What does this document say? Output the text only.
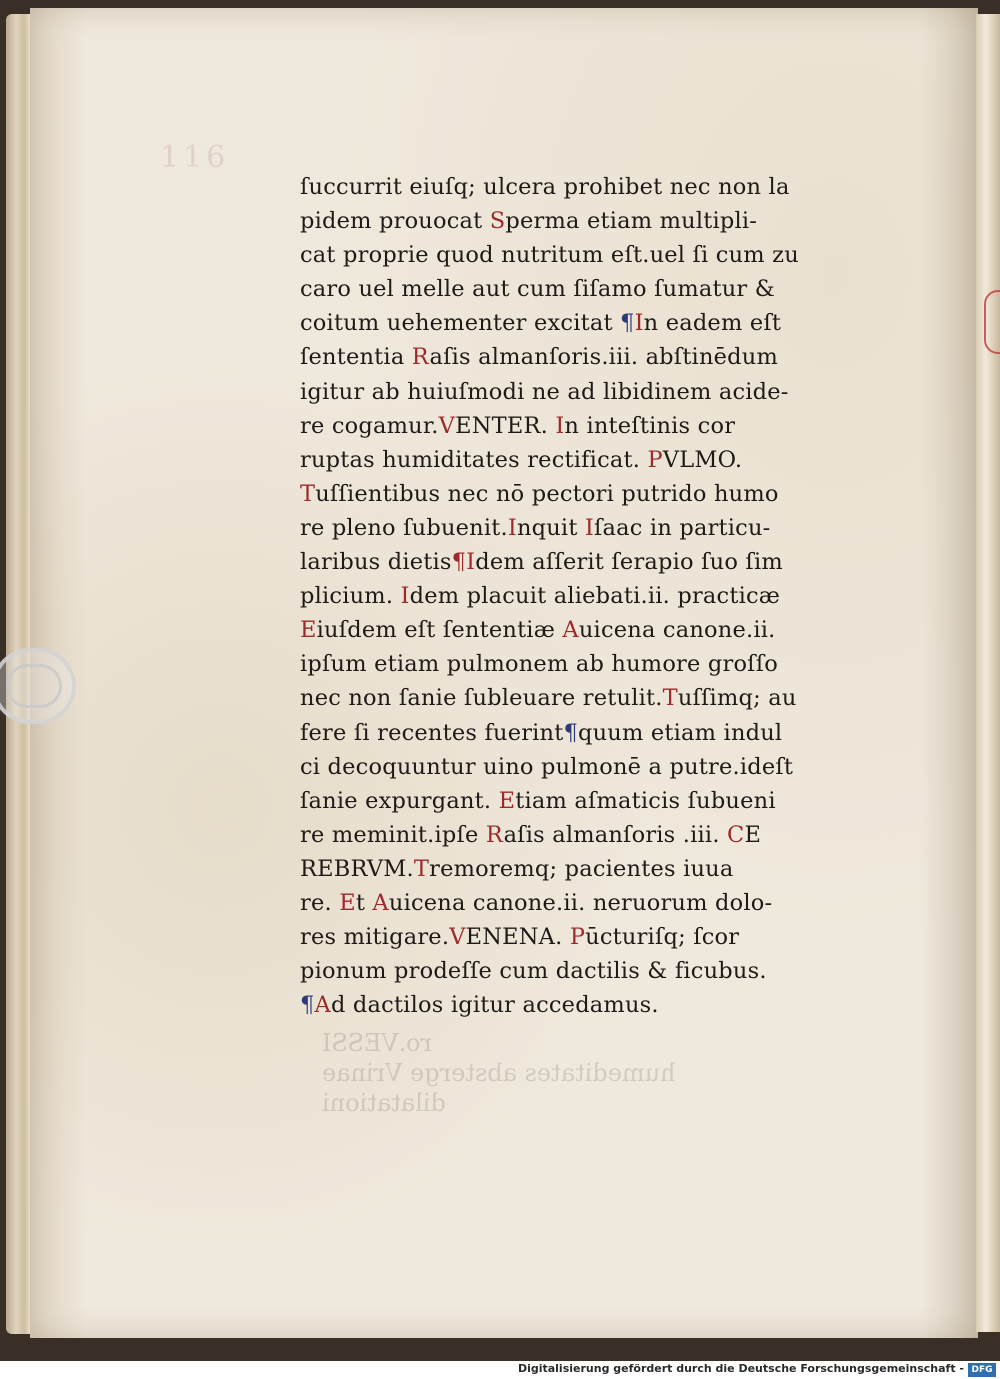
116
ro.VESSI
humeditates absterge Vrinae dilatationi
ſuccurrit eiuſq; ulcera prohibet nec non la
pidem prouocat Sperma etiam multipli-
cat proprie quod nutritum eſt.uel ſi cum zu
caro uel melle aut cum ſiſamo ſumatur &
coitum uehementer excitat ¶In eadem eſt
ſententia Raſis almanſoris.iii. abſtinēdum
igitur ab huiuſmodi ne ad libidinem acide-
re cogamur.VENTER. In inteſtinis cor
ruptas humiditates rectificat. PVLMO.
Tuſſientibus nec nō pectori putrido humo
re pleno ſubuenit.Inquit Iſaac in particu-
laribus dietis¶Idem aſſerit ſerapio ſuo ſim
plicium. Idem placuit aliebati.ii. practicæ
Eiuſdem eſt ſententiæ Auicena canone.ii.
ipſum etiam pulmonem ab humore groſſo
nec non ſanie ſubleuare retulit.Tuſſimq; au
fere ſi recentes fuerint¶quum etiam indul
ci decoquuntur uino pulmonē a putre.ideſt
ſanie expurgant. Etiam aſmaticis ſubueni
re meminit.ipſe Raſis almanſoris .iii. CE
REBRVM.Tremoremq; pacientes iuua
re. Et Auicena canone.ii. neruorum dolo-
res mitigare.VENENA. Pūcturiſq; ſcor
pionum prodeſſe cum dactilis & ficubus.
¶Ad dactilos igitur accedamus.
Digitalisierung gefördert durch die Deutsche Forschungsgemeinschaft - DFG
